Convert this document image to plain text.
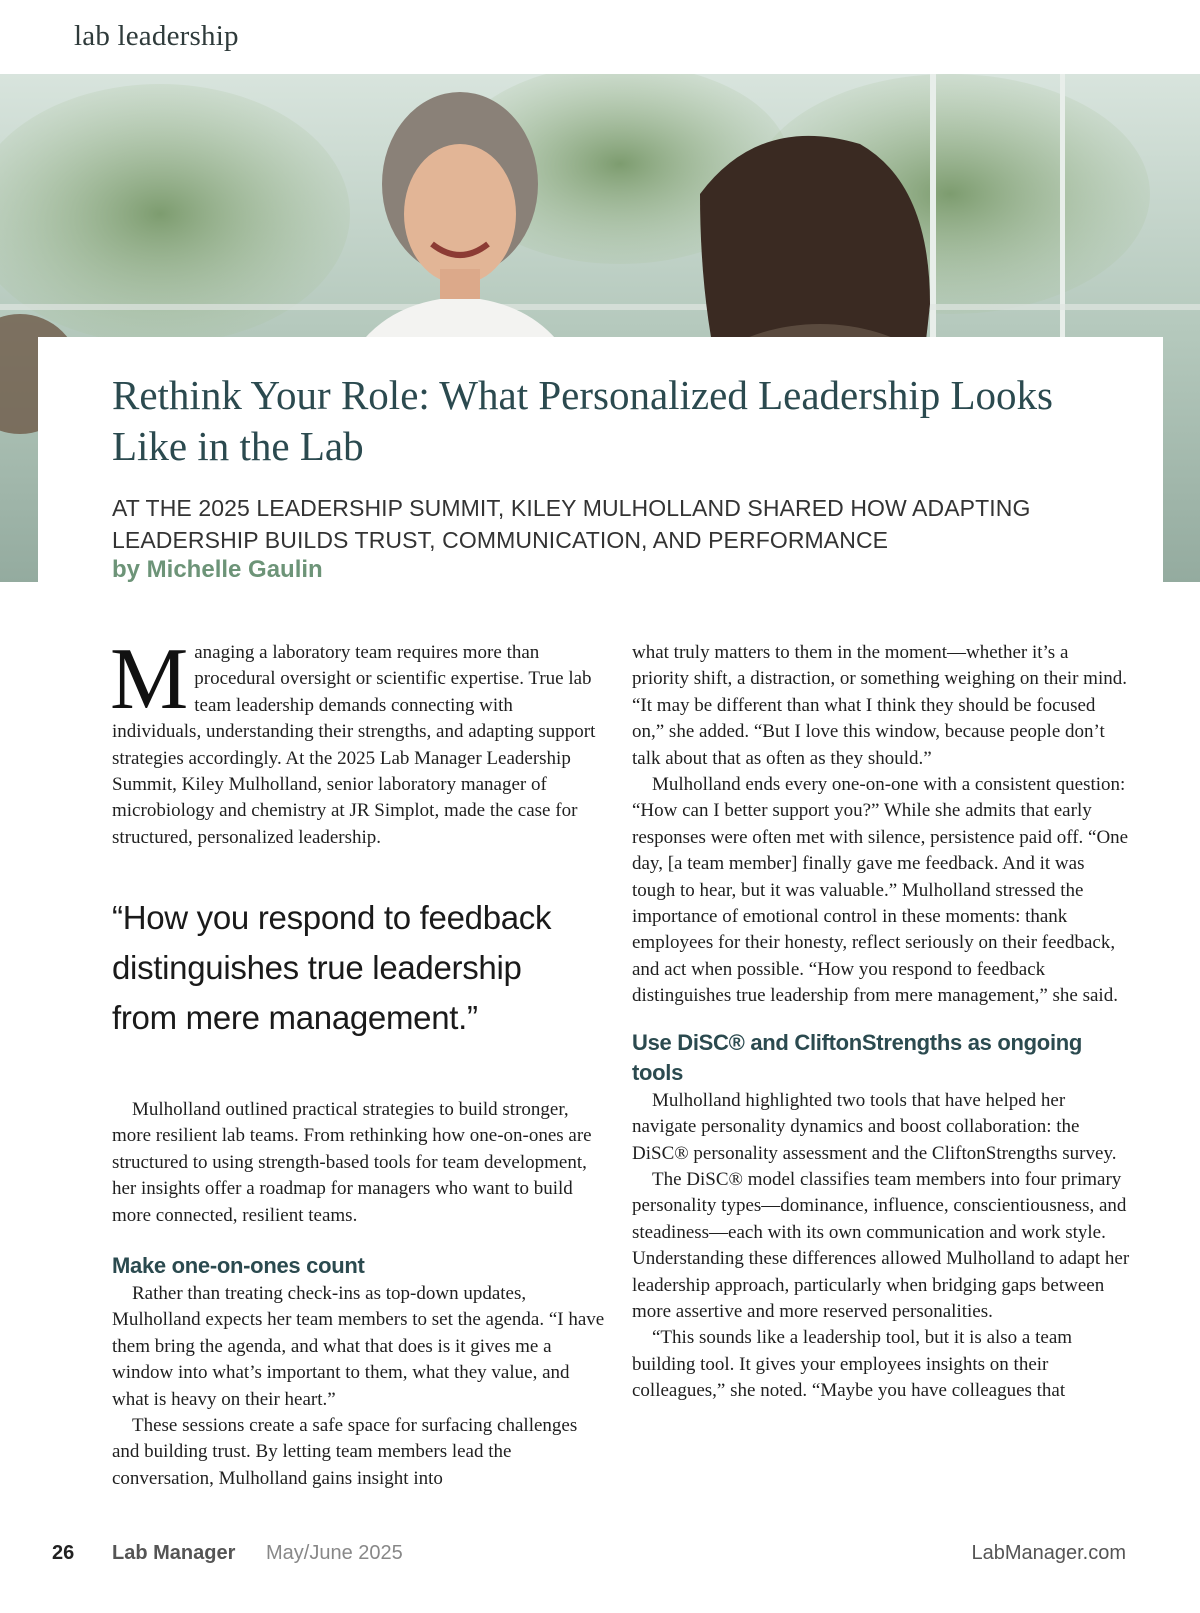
lab leadership
Rethink Your Role: What Personalized Leadership Looks Like in the Lab

AT THE 2025 LEADERSHIP SUMMIT, KILEY MULHOLLAND SHARED HOW ADAPTING LEADERSHIP BUILDS TRUST, COMMUNICATION, AND PERFORMANCE

by Michelle Gaulin

Managing a laboratory team requires more than procedural oversight or scientific expertise. True lab team leadership demands connecting with individuals, understanding their strengths, and adapting support strategies accordingly. At the 2025 Lab Manager Leadership Summit, Kiley Mulholland, senior laboratory manager of microbiology and chemistry at JR Simplot, made the case for structured, personalized leadership.

“How you respond to feedback distinguishes true leadership from mere management.”

Mulholland outlined practical strategies to build stronger, more resilient lab teams. From rethinking how one-on-ones are structured to using strength-based tools for team development, her insights offer a roadmap for managers who want to build more connected, resilient teams.

Make one-on-ones count

Rather than treating check-ins as top-down updates, Mulholland expects her team members to set the agenda. “I have them bring the agenda, and what that does is it gives me a window into what’s important to them, what they value, and what is heavy on their heart.”

These sessions create a safe space for surfacing challenges and building trust. By letting team members lead the conversation, Mulholland gains insight into

what truly matters to them in the moment—whether it’s a priority shift, a distraction, or something weighing on their mind. “It may be different than what I think they should be focused on,” she added. “But I love this window, because people don’t talk about that as often as they should.”

Mulholland ends every one-on-one with a consistent question: “How can I better support you?” While she admits that early responses were often met with silence, persistence paid off. “One day, [a team member] finally gave me feedback. And it was tough to hear, but it was valuable.” Mulholland stressed the importance of emotional control in these moments: thank employees for their honesty, reflect seriously on their feedback, and act when possible. “How you respond to feedback distinguishes true leadership from mere management,” she said.

Use DiSC® and CliftonStrengths as ongoing tools

Mulholland highlighted two tools that have helped her navigate personality dynamics and boost collaboration: the DiSC® personality assessment and the CliftonStrengths survey.

The DiSC® model classifies team members into four primary personality types—dominance, influence, conscientiousness, and steadiness—each with its own communication and work style. Understanding these differences allowed Mulholland to adapt her leadership approach, particularly when bridging gaps between more assertive and more reserved personalities.

“This sounds like a leadership tool, but it is also a team building tool. It gives your employees insights on their colleagues,” she noted. “Maybe you have colleagues that

26 Lab Manager May/June 2025	LabManager.com
